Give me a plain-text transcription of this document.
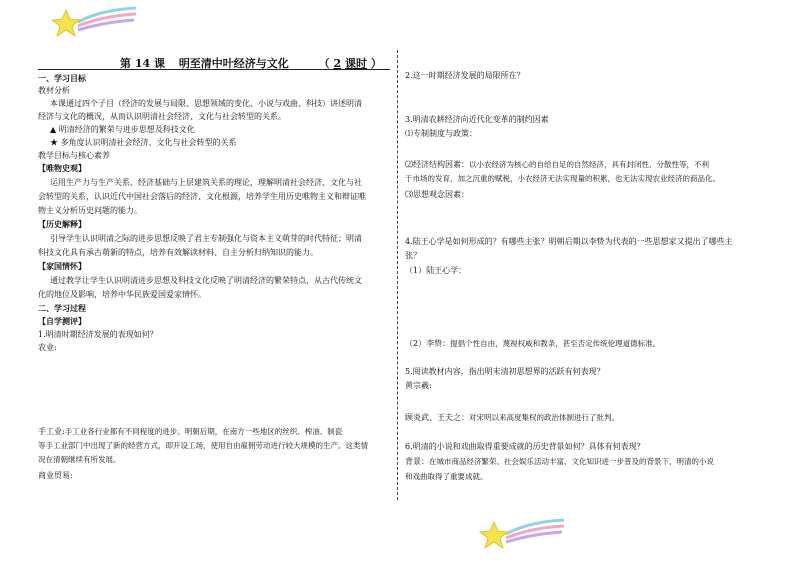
第 14 课 明至清中叶经济与文化	（ 2 课时 ）
一、学习目标
教材分析
本课通过四个子目（经济的发展与局限、思想领域的变化、小说与戏曲、科技）讲述明清
经济与文化的概况，从而认识明清社会经济、文化与社会转型的关系。
▲ 明清经济的繁荣与进步思想及科技文化
★ 多角度认识明清社会经济、文化与社会转型的关系
教学目标与核心素养
【唯物史观】
运用生产力与生产关系、经济基础与上层建筑关系的理论，理解明清社会经济、文化与社
会转型的关系，认识近代中国社会落后的经济、文化根源，培养学生用历史唯物主义和辩证唯
物主义分析历史问题的能力。
【历史解释】
引导学生认识明清之际的进步思想反映了君主专制强化与资本主义萌芽的时代特征；明清
科技文化具有承古萌新的特点，培养有效解读材料、自主分析归纳知识的能力。
【家国情怀】
通过教学让学生认识明清进步思想及科技文化反映了明清经济的繁荣特点，从古代传统文
化的地位及影响，培养中华民族爱国爱家情怀。
二、学习过程
【自学测评】
1.明清时期经济发展的表现如何？
农业:
手工业:手工业各行业都有不同程度的进步。明朝后期，在南方一些地区的丝织、榨油、制瓷
等手工业部门中出现了新的经营方式，即开设工场，使用自由雇佣劳动进行较大规模的生产。这类情
况在清朝继续有所发展。
商业贸易:
2.这一时期经济发展的局限所在？
3.明清农耕经济向近代化变革的制约因素
⑴专制制度与政策：
⑵经济结构因素：以小农经济为核心的自给自足的自然经济，具有封闭性、分散性等，不利
于市场的发育，加之沉重的赋税，小农经济无法实现量的积累，也无法实现农业经济的商品化。
⑶思想观念因素：
4.陆王心学是如何形成的？有哪些主张？明朝后期以李贽为代表的一些思想家又提出了哪些主
张？
（1）陆王心学：
（2）李贽：提倡个性自由，蔑视权威和教条，甚至否定传统伦理道德标准。
5.阅读教材内容，指出明末清初思想界的活跃有何表现？
黄宗羲:
顾炎武、王夫之：对宋明以来高度集权的政治体制进行了批判。
6.明清的小说和戏曲取得重要成就的历史背景如何？具体有何表现？
背景：在城市商品经济繁荣、社会娱乐活动丰富、文化知识进一步普及的背景下，明清的小说
和戏曲取得了重要成就。
